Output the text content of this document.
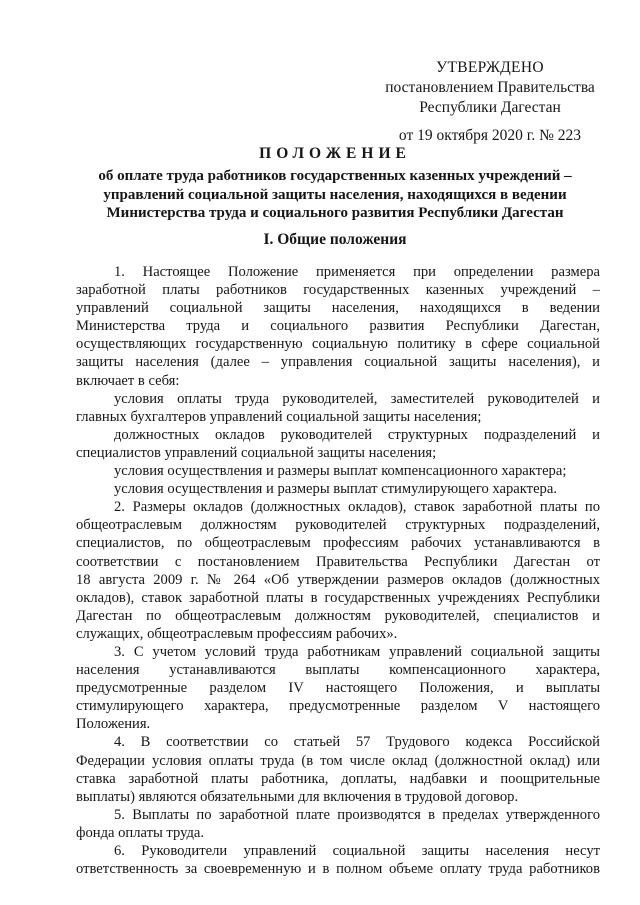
УТВЕРЖДЕНО
постановлением Правительства
Республики Дагестан
от 19 октября 2020 г. № 223
ПОЛОЖЕНИЕ
об оплате труда работников государственных казенных учреждений –
управлений социальной защиты населения, находящихся в ведении
Министерства труда и социального развития Республики Дагестан
I. Общие положения
1. Настоящее Положение применяется при определении размера
заработной платы работников государственных казенных учреждений –
управлений социальной защиты населения, находящихся в ведении
Министерства труда и социального развития Республики Дагестан,
осуществляющих государственную социальную политику в сфере социальной
защиты населения (далее – управления социальной защиты населения), и
включает в себя:
условия оплаты труда руководителей, заместителей руководителей и
главных бухгалтеров управлений социальной защиты населения;
должностных окладов руководителей структурных подразделений и
специалистов управлений социальной защиты населения;
условия осуществления и размеры выплат компенсационного характера;
условия осуществления и размеры выплат стимулирующего характера.
2. Размеры окладов (должностных окладов), ставок заработной платы по
общеотраслевым должностям руководителей структурных подразделений,
специалистов, по общеотраслевым профессиям рабочих устанавливаются в
соответствии с постановлением Правительства Республики Дагестан от
18 августа 2009 г. № 264 «Об утверждении размеров окладов (должностных
окладов), ставок заработной платы в государственных учреждениях Республики
Дагестан по общеотраслевым должностям руководителей, специалистов и
служащих, общеотраслевым профессиям рабочих».
3. С учетом условий труда работникам управлений социальной защиты
населения устанавливаются выплаты компенсационного характера,
предусмотренные разделом IV настоящего Положения, и выплаты
стимулирующего характера, предусмотренные разделом V настоящего
Положения.
4. В соответствии со статьей 57 Трудового кодекса Российской
Федерации условия оплаты труда (в том числе оклад (должностной оклад) или
ставка заработной платы работника, доплаты, надбавки и поощрительные
выплаты) являются обязательными для включения в трудовой договор.
5. Выплаты по заработной плате производятся в пределах утвержденного
фонда оплаты труда.
6. Руководители управлений социальной защиты населения несут
ответственность за своевременную и в полном объеме оплату труда работников
